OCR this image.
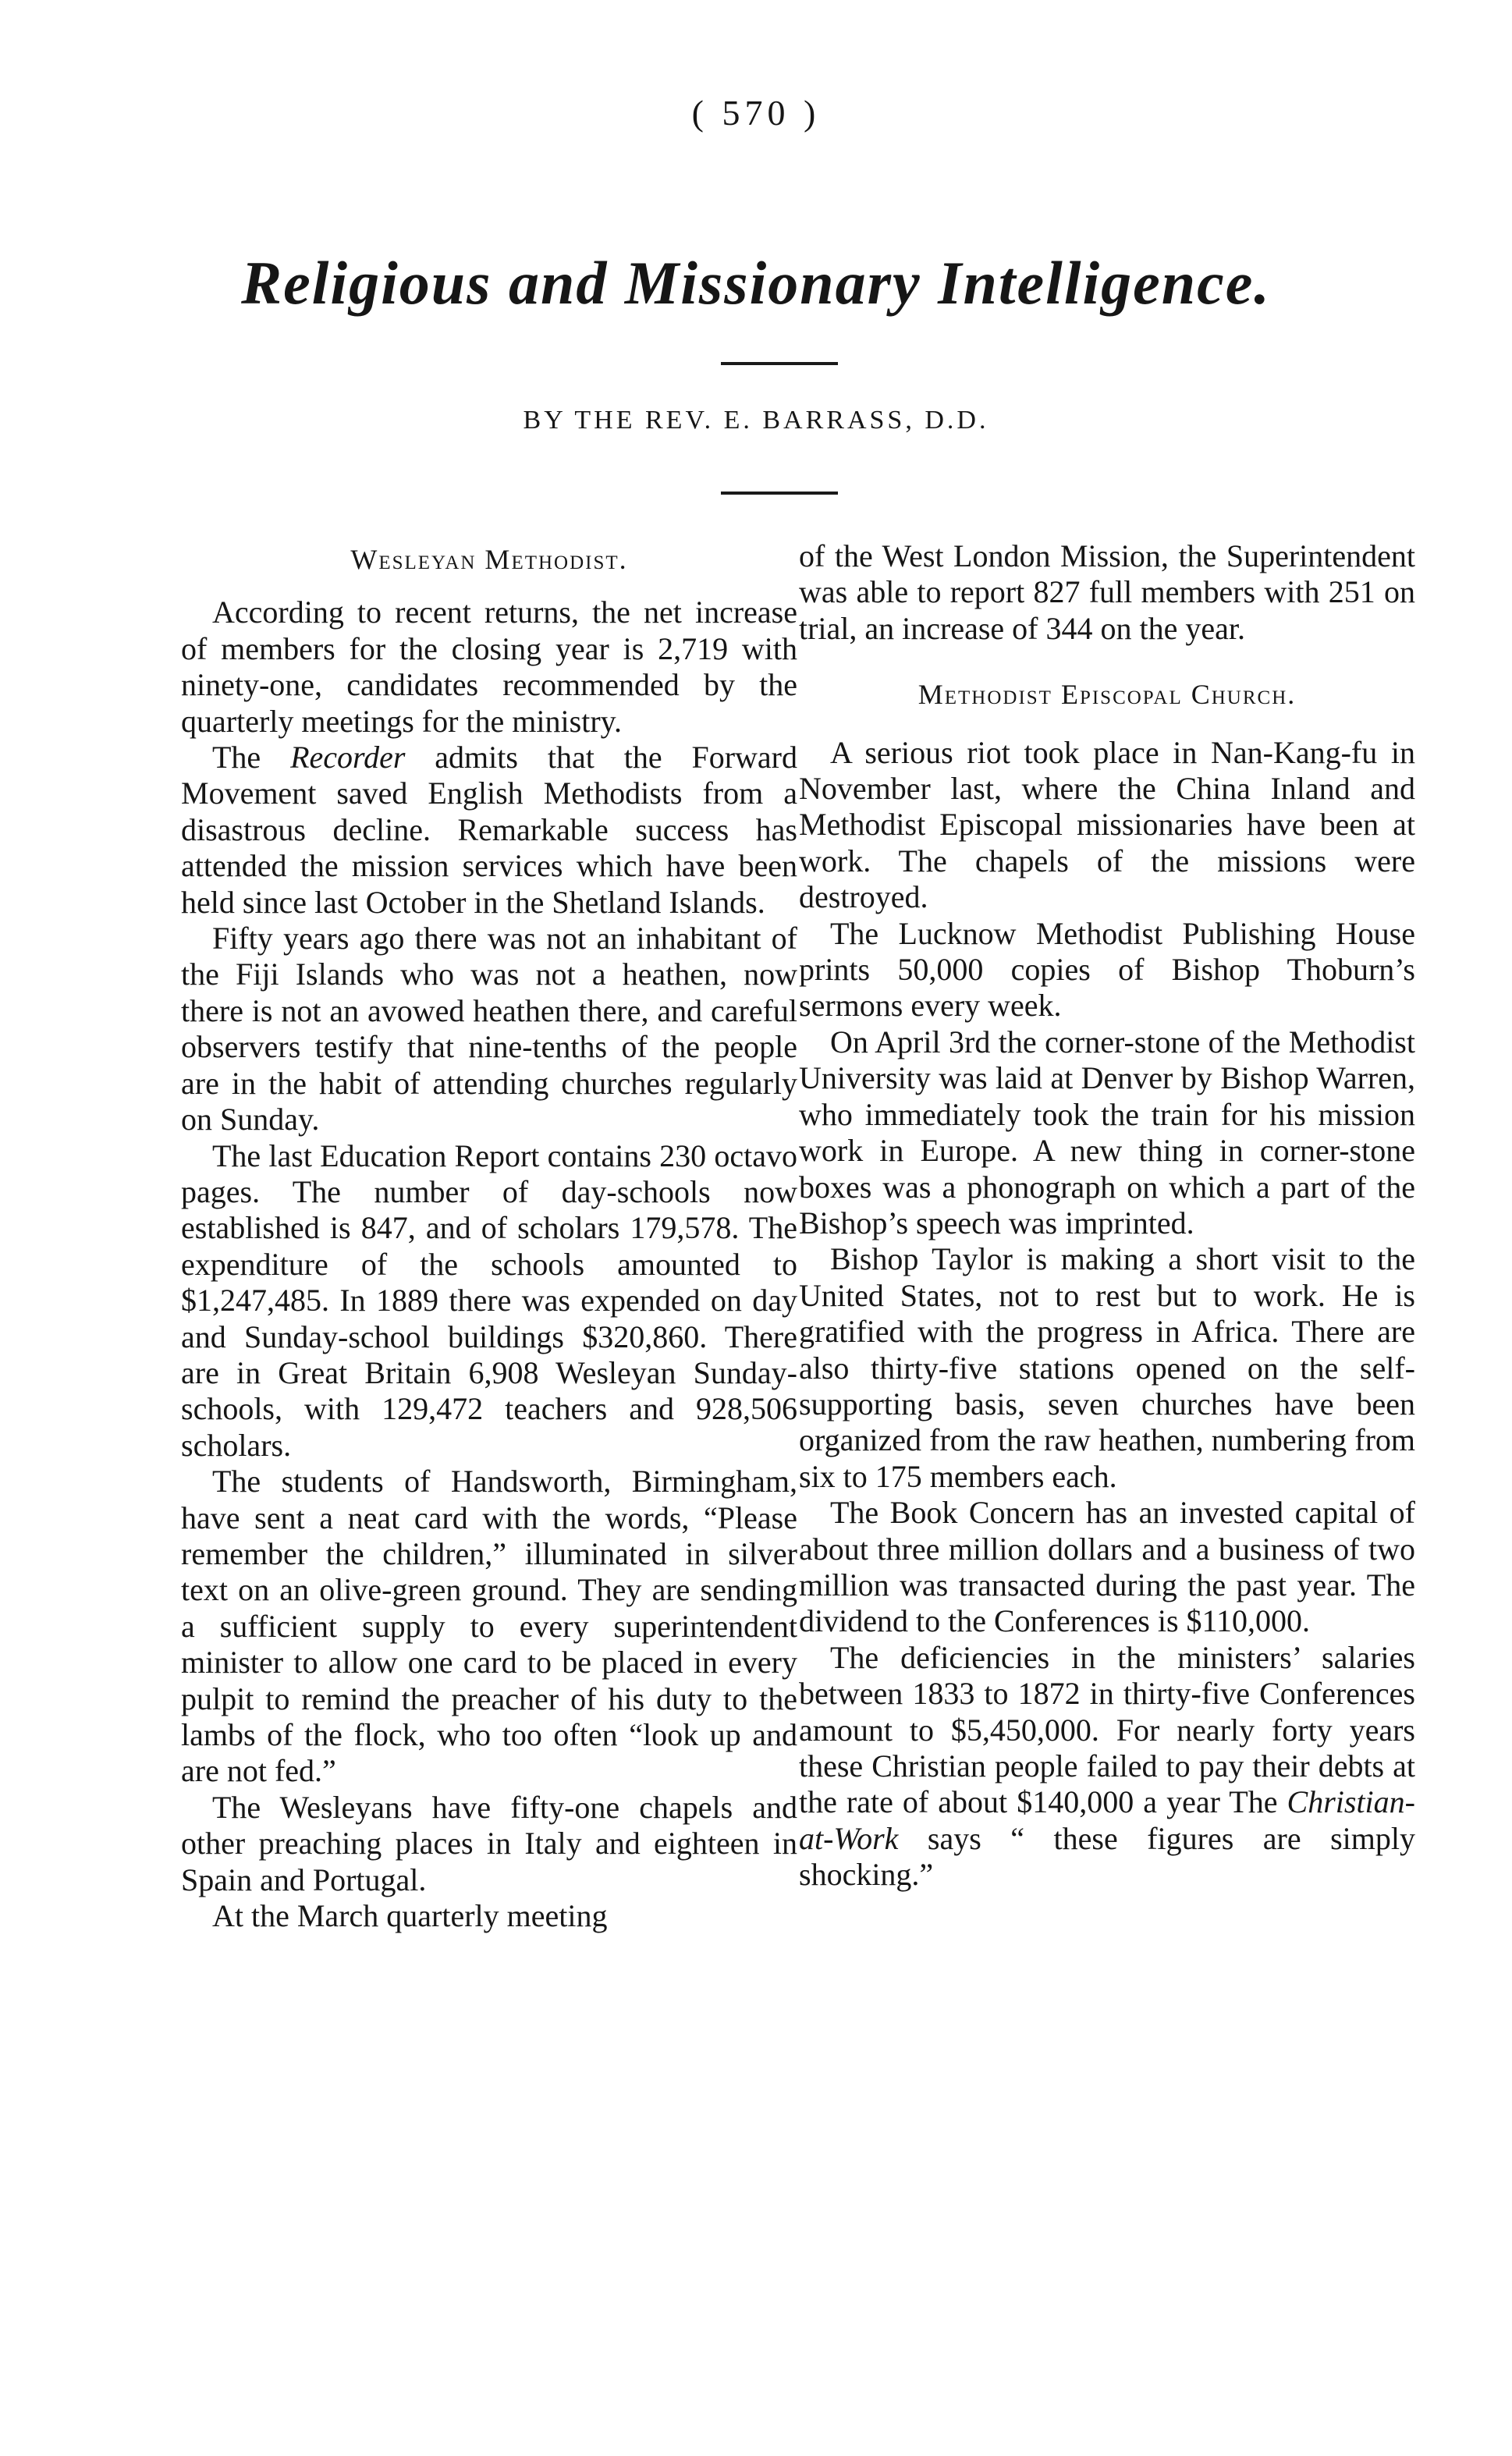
( 570 )
Religious and Missionary Intelligence.
BY THE REV. E. BARRASS, D.D.
Wesleyan Methodist.

According to recent returns, the net increase of members for the closing year is 2,719 with ninety-one, candidates recommended by the quarterly meetings for the ministry.

The Recorder admits that the Forward Movement saved English Methodists from a disastrous decline. Remarkable success has attended the mission services which have been held since last October in the Shetland Islands.

Fifty years ago there was not an inhabitant of the Fiji Islands who was not a heathen, now there is not an avowed heathen there, and careful observers testify that nine-tenths of the people are in the habit of attending churches regularly on Sunday.

The last Education Report contains 230 octavo pages. The number of day-schools now established is 847, and of scholars 179,578. The expenditure of the schools amounted to $1,247,485. In 1889 there was expended on day and Sunday-school buildings $320,860. There are in Great Britain 6,908 Wesleyan Sunday-schools, with 129,472 teachers and 928,506 scholars.

The students of Handsworth, Birmingham, have sent a neat card with the words, “Please remember the children,” illuminated in silver text on an olive-green ground. They are sending a sufficient supply to every superintendent minister to allow one card to be placed in every pulpit to remind the preacher of his duty to the lambs of the flock, who too often “look up and are not fed.”

The Wesleyans have fifty-one chapels and other preaching places in Italy and eighteen in Spain and Portugal.

At the March quarterly meeting

of the West London Mission, the Superintendent was able to report 827 full members with 251 on trial, an increase of 344 on the year.

Methodist Episcopal Church.

A serious riot took place in Nan-Kang-fu in November last, where the China Inland and Methodist Episcopal missionaries have been at work. The chapels of the missions were destroyed.

The Lucknow Methodist Publishing House prints 50,000 copies of Bishop Thoburn’s sermons every week.

On April 3rd the corner-stone of the Methodist University was laid at Denver by Bishop Warren, who immediately took the train for his mission work in Europe. A new thing in corner-stone boxes was a phonograph on which a part of the Bishop’s speech was imprinted.

Bishop Taylor is making a short visit to the United States, not to rest but to work. He is gratified with the progress in Africa. There are also thirty-five stations opened on the self-supporting basis, seven churches have been organized from the raw heathen, numbering from six to 175 members each.

The Book Concern has an invested capital of about three million dollars and a business of two million was transacted during the past year. The dividend to the Conferences is $110,000.

The deficiencies in the ministers’ salaries between 1833 to 1872 in thirty-five Conferences amount to $5,450,000. For nearly forty years these Christian people failed to pay their debts at the rate of about $140,000 a year The Christian-at-Work says “ these figures are simply shocking.”
